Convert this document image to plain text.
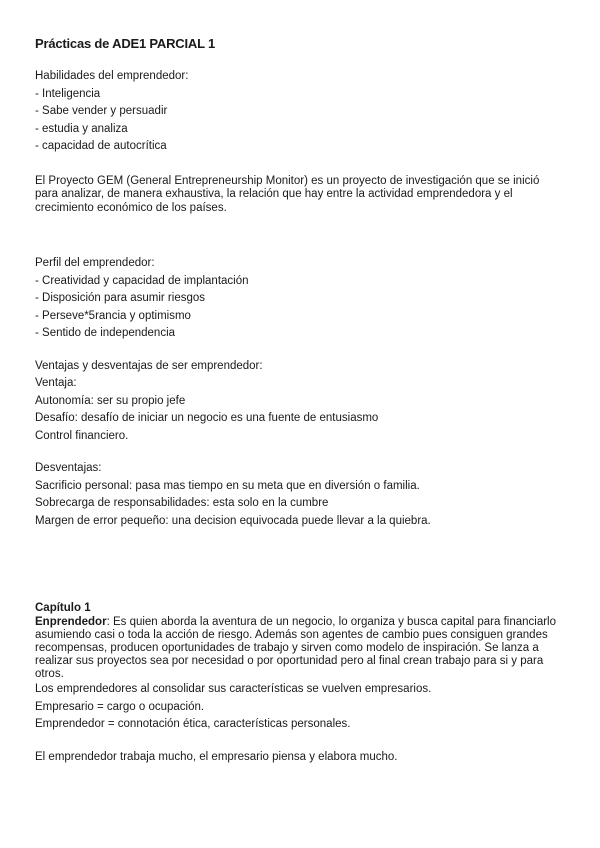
Prácticas de ADE1 PARCIAL 1

Habilidades del emprendedor:

- Inteligencia

- Sabe vender y persuadir

- estudia y analiza

- capacidad de autocrítica

El Proyecto GEM (General Entrepreneurship Monitor) es un proyecto de investigación que se inició para analizar, de manera exhaustiva, la relación que hay entre la actividad emprendedora y el crecimiento económico de los países.

Perfil del emprendedor:

- Creatividad y capacidad de implantación

- Disposición para asumir riesgos

- Perseve*5rancia y optimismo

- Sentido de independencia

Ventajas y desventajas de ser emprendedor:

Ventaja:

Autonomía: ser su propio jefe

Desafío: desafío de iniciar un negocio es una fuente de entusiasmo

Control financiero.

Desventajas:

Sacrificio personal: pasa mas tiempo en su meta que en diversión o familia.

Sobrecarga de responsabilidades: esta solo en la cumbre

Margen de error pequeño: una decision equivocada puede llevar a la quiebra.

Capítulo 1

Enprendedor: Es quien aborda la aventura de un negocio, lo organiza y busca capital para financiarlo asumiendo casi o toda la acción de riesgo. Además son agentes de cambio pues consiguen grandes recompensas, producen oportunidades de trabajo y sirven como modelo de inspiración. Se lanza a realizar sus proyectos sea por necesidad o por oportunidad pero al final crean trabajo para si y para otros.

Los emprendedores al consolidar sus características se vuelven empresarios.

Empresario = cargo o ocupación.

Emprendedor = connotación ética, características personales.

El emprendedor trabaja mucho, el empresario piensa y elabora mucho.
